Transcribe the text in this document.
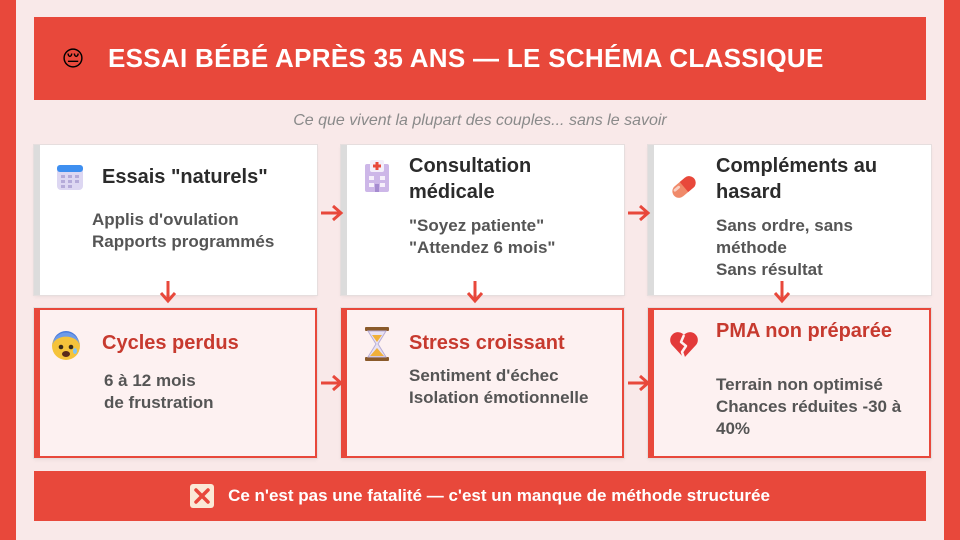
😔 ESSAI BÉBÉ APRÈS 35 ANS — LE SCHÉMA CLASSIQUE
Ce que vivent la plupart des couples... sans le savoir
Essais "naturels"
Applis d'ovulation
Rapports programmés
Consultation médicale
"Soyez patiente"
"Attendez 6 mois"
Compléments au hasard
Sans ordre, sans méthode
Sans résultat
Cycles perdus
6 à 12 mois
de frustration
Stress croissant
Sentiment d'échec
Isolation émotionnelle
PMA non préparée
Terrain non optimisé
Chances réduites -30 à 40%
Ce n'est pas une fatalité — c'est un manque de méthode structurée
